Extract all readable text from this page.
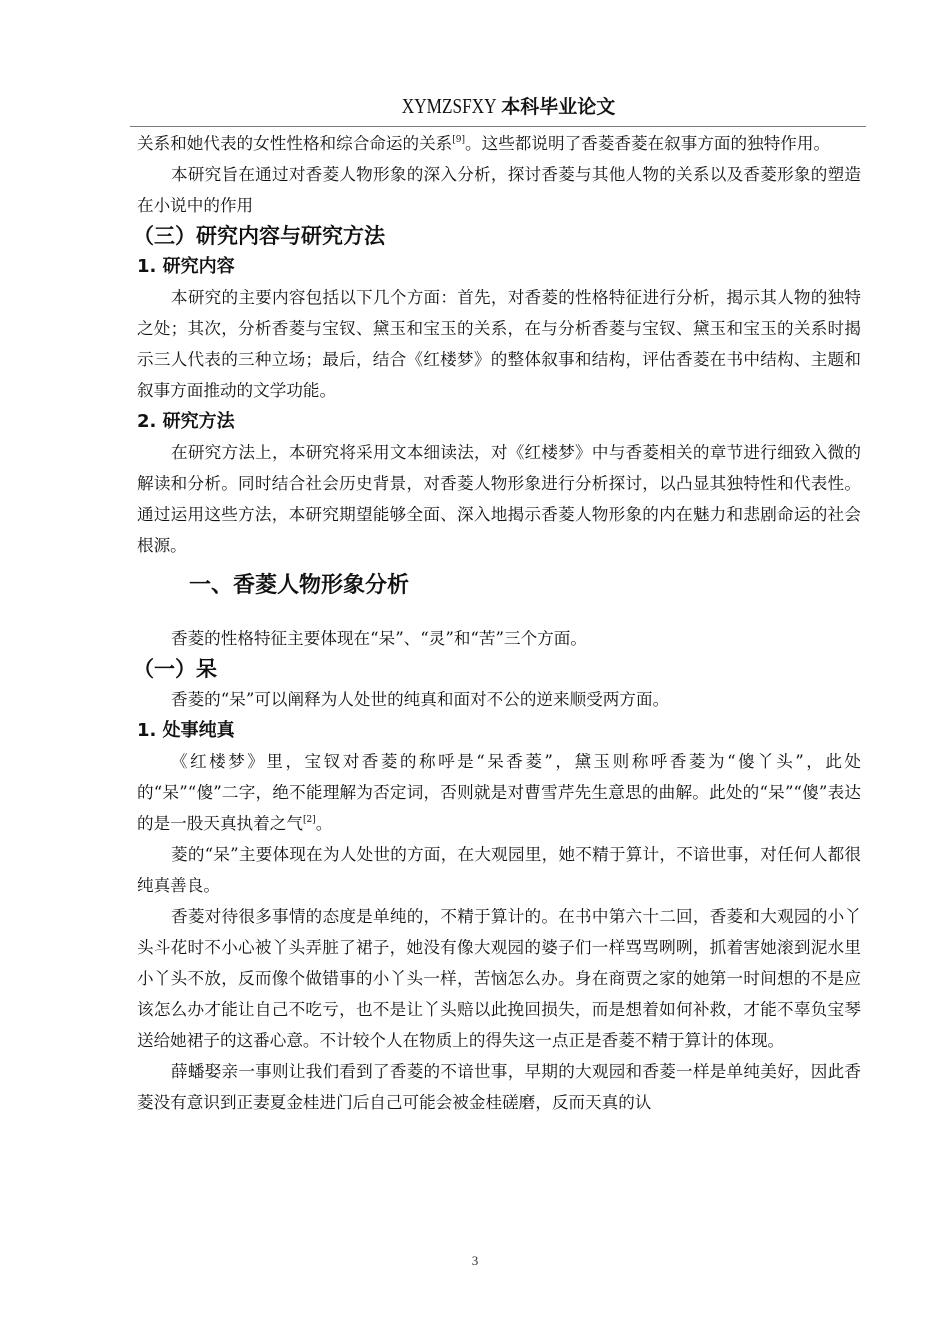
XYMZSFXY 本科毕业论文

关系和她代表的女性性格和综合命运的关系[9]。这些都说明了香菱香菱在叙事方面的独特作用。

本研究旨在通过对香菱人物形象的深入分析，探讨香菱与其他人物的关系以及香菱形象的塑造在小说中的作用

（三）研究内容与研究方法
1. 研究内容

本研究的主要内容包括以下几个方面：首先，对香菱的性格特征进行分析，揭示其人物的独特之处；其次，分析香菱与宝钗、黛玉和宝玉的关系，在与分析香菱与宝钗、黛玉和宝玉的关系时揭示三人代表的三种立场；最后，结合《红楼梦》的整体叙事和结构，评估香菱在书中结构、主题和叙事方面推动的文学功能。

2. 研究方法

在研究方法上，本研究将采用文本细读法，对《红楼梦》中与香菱相关的章节进行细致入微的解读和分析。同时结合社会历史背景，对香菱人物形象进行分析探讨，以凸显其独特性和代表性。通过运用这些方法，本研究期望能够全面、深入地揭示香菱人物形象的内在魅力和悲剧命运的社会根源。

一、香菱人物形象分析

香菱的性格特征主要体现在“呆”、“灵”和“苦”三个方面。

（一）呆

香菱的“呆”可以阐释为人处世的纯真和面对不公的逆来顺受两方面。

1. 处事纯真

《红楼梦》里，宝钗对香菱的称呼是“呆香菱”，黛玉则称呼香菱为“傻丫头”，此处的“呆”“傻”二字，绝不能理解为否定词，否则就是对曹雪芹先生意思的曲解。此处的“呆”“傻”表达的是一股天真执着之气[2]。

菱的“呆”主要体现在为人处世的方面，在大观园里，她不精于算计，不谙世事，对任何人都很纯真善良。

香菱对待很多事情的态度是单纯的，不精于算计的。在书中第六十二回，香菱和大观园的小丫头斗花时不小心被丫头弄脏了裙子，她没有像大观园的婆子们一样骂骂咧咧，抓着害她滚到泥水里小丫头不放，反而像个做错事的小丫头一样，苦恼怎么办。身在商贾之家的她第一时间想的不是应该怎么办才能让自己不吃亏，也不是让丫头赔以此挽回损失，而是想着如何补救，才能不辜负宝琴送给她裙子的这番心意。不计较个人在物质上的得失这一点正是香菱不精于算计的体现。

薛蟠娶亲一事则让我们看到了香菱的不谙世事，早期的大观园和香菱一样是单纯美好，因此香菱没有意识到正妻夏金桂进门后自己可能会被金桂磋磨，反而天真的认

3
